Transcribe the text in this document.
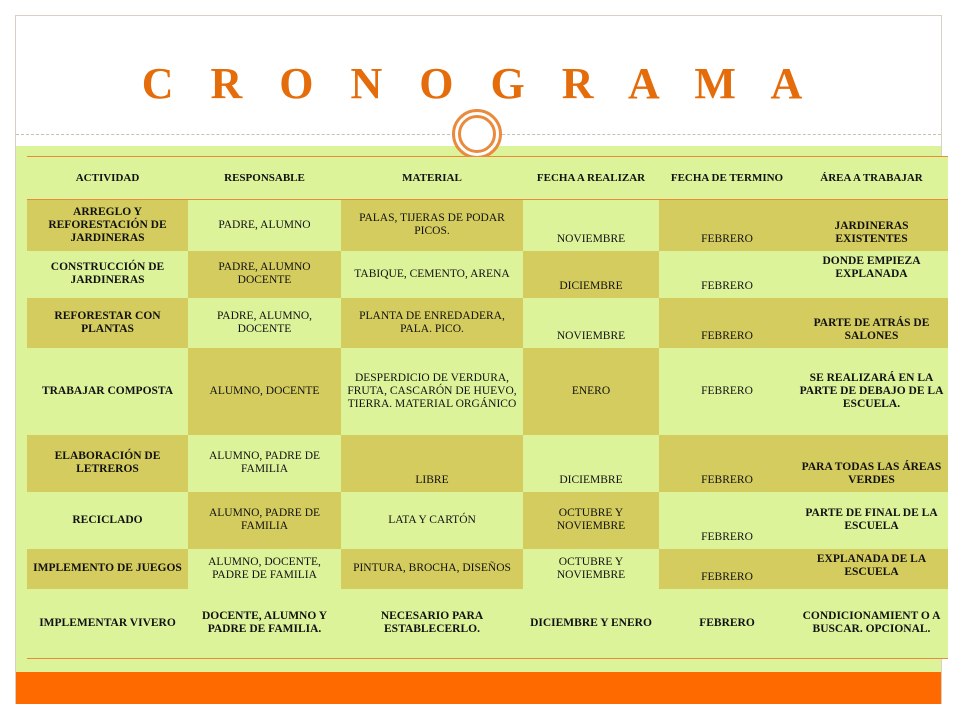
C R O N O G R A M A
ACTIVIDAD	RESPONSABLE	MATERIAL	FECHA A REALIZAR	FECHA DE TERMINO	ÁREA A TRABAJAR
ARREGLO Y REFORESTACIÓN DE JARDINERAS	PADRE, ALUMNO	PALAS, TIJERAS DE PODAR PICOS.	NOVIEMBRE	FEBRERO	JARDINERAS EXISTENTES
CONSTRUCCIÓN DE JARDINERAS	PADRE, ALUMNO DOCENTE	TABIQUE, CEMENTO, ARENA	DICIEMBRE	FEBRERO	DONDE EMPIEZA EXPLANADA
REFORESTAR CON PLANTAS	PADRE, ALUMNO, DOCENTE	PLANTA DE ENREDADERA, PALA. PICO.	NOVIEMBRE	FEBRERO	PARTE DE ATRÁS DE SALONES
TRABAJAR COMPOSTA	ALUMNO, DOCENTE	DESPERDICIO DE VERDURA, FRUTA, CASCARÓN DE HUEVO, TIERRA. MATERIAL ORGÁNICO	ENERO	FEBRERO	SE REALIZARÁ EN LA PARTE DE DEBAJO DE LA ESCUELA.
ELABORACIÓN DE LETREROS	ALUMNO, PADRE DE FAMILIA	LIBRE	DICIEMBRE	FEBRERO	PARA TODAS LAS ÁREAS VERDES
RECICLADO	ALUMNO, PADRE DE FAMILIA	LATA Y CARTÓN	OCTUBRE Y NOVIEMBRE	FEBRERO	PARTE DE FINAL DE LA ESCUELA
IMPLEMENTO DE JUEGOS	ALUMNO, DOCENTE, PADRE DE FAMILIA	PINTURA, BROCHA, DISEÑOS	OCTUBRE Y NOVIEMBRE	FEBRERO	EXPLANADA DE LA ESCUELA
IMPLEMENTAR VIVERO	DOCENTE, ALUMNO Y PADRE DE FAMILIA.	NECESARIO PARA ESTABLECERLO.	DICIEMBRE Y ENERO	FEBRERO	CONDICIONAMIENT O A BUSCAR. OPCIONAL.
